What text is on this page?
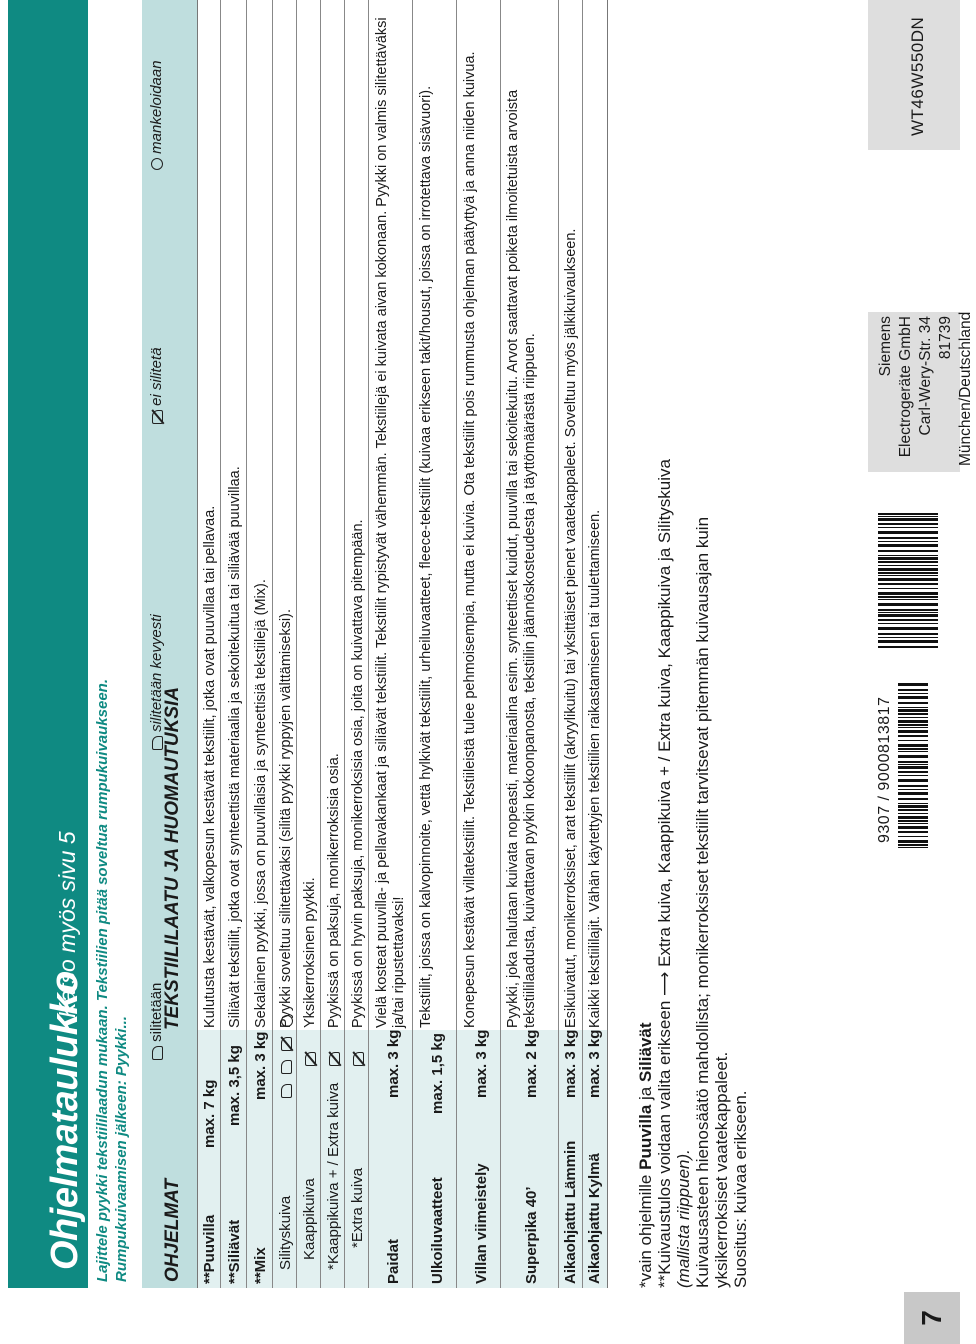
Ohjelmataulukko
Katso myös sivu 5 Lajittele pyykki tekstiililaadun mukaan. Tekstiilien pitää soveltua rumpukuivaukseen. Rumpukuivaamisen jälkeen: Pyykki... OHJELMAT
silitetään
TEKSTIILILAATU JA HUOMAUTUKSIA
silitetään kevyesti
ei silitetä
mankeloidaan
**Puuvilla
max. 7 kg
Kulutusta kestävät, valkopesun kestävät tekstiilit, jotka ovat puuvillaa tai pellavaa.
**Siliävät
max. 3,5 kg
Siliävät tekstiilit, jotka ovat synteettistä materiaalia ja sekoitekuitua tai siliävää puuvillaa.
**Mix
max. 3 kg
Sekalainen pyykki, jossa on puuvillaisia ja synteettisiä tekstiilejä (Mix).
Silityskuiva

Pyykki soveltuu silitettäväksi (silitä pyykki ryppyjen välttämiseksi).
Kaappikuiva
Yksikerroksinen pyykki.
*Kaappikuiva + / Extra kuiva
Pyykissä on paksuja, monikerroksisia osia.
*Extra kuiva
Pyykissä on hyvin paksuja, monikerroksisia osia, joita on kuivattava pitempään.
Paidat
max. 3 kg
Vielä kosteat puuvilla- ja pellavakankaat ja siliävät tekstiilit. Tekstiilit rypistyvät vähemmän. Tekstiilejä ei kuivata aivan kokonaan. Pyykki on valmis silitettäväksi ja/tai ripustettavaksi!
Ulkoiluvaatteet
max. 1,5 kg
Tekstiilit, joissa on kalvopinnoite, vettä hylkivät tekstiilit, urheiluvaatteet, fleece-tekstiilit (kuivaa erikseen takit/housut, joissa on irrotettava sisävuori).
Villan viimeistely
max. 3 kg
Konepesun kestävät villatekstiilit. Tekstiileistä tulee pehmoisempia, mutta ei kuivia. Ota tekstiilit pois rummusta ohjelman päätyttyä ja anna niiden kuivua.
Superpika 40’
max. 2 kg
Pyykki, joka halutaan kuivata nopeasti, materiaalina esim. synteettiset kuidut, puuvilla tai sekoitekuitu. Arvot saattavat poiketa ilmoitetuista arvoista tekstiililaadusta, kuivattavan pyykin kokoonpanosta, tekstiilin jäännöskosteudesta ja täyttömäärästä riippuen.
Aikaohjattu Lämmin
max. 3 kg
Esikuivatut, monikerroksiset, arat tekstiilit (akryylikuitu) tai yksittäiset pienet vaatekappaleet. Soveltuu myös jälkikuivaukseen.
Aikaohjattu Kylmä
max. 3 kg
Kaikki tekstiililajit. Vähän käytettyjen tekstiilien raikastamiseen tai tuulettamiseen.
*vain ohjelmille Puuvilla ja Siliävät **Kuivaustulos voidaan valita erikseen ⟶ Extra kuiva, Kaappikuiva + / Extra kuiva, Kaappikuiva ja Silityskuiva (mallista riippuen). Kuivausasteen hienosäätö mahdollista; monikerroksiset tekstiilit tarvitsevat pitemmän kuivausajan kuin yksikerroksiset vaatekappaleet. Suositus: kuivaa erikseen.
7
9307 / 9000813817
Siemens Electrogeräte GmbH Carl-Wery-Str. 34 81739 München/Deutschland
WT46W550DN
